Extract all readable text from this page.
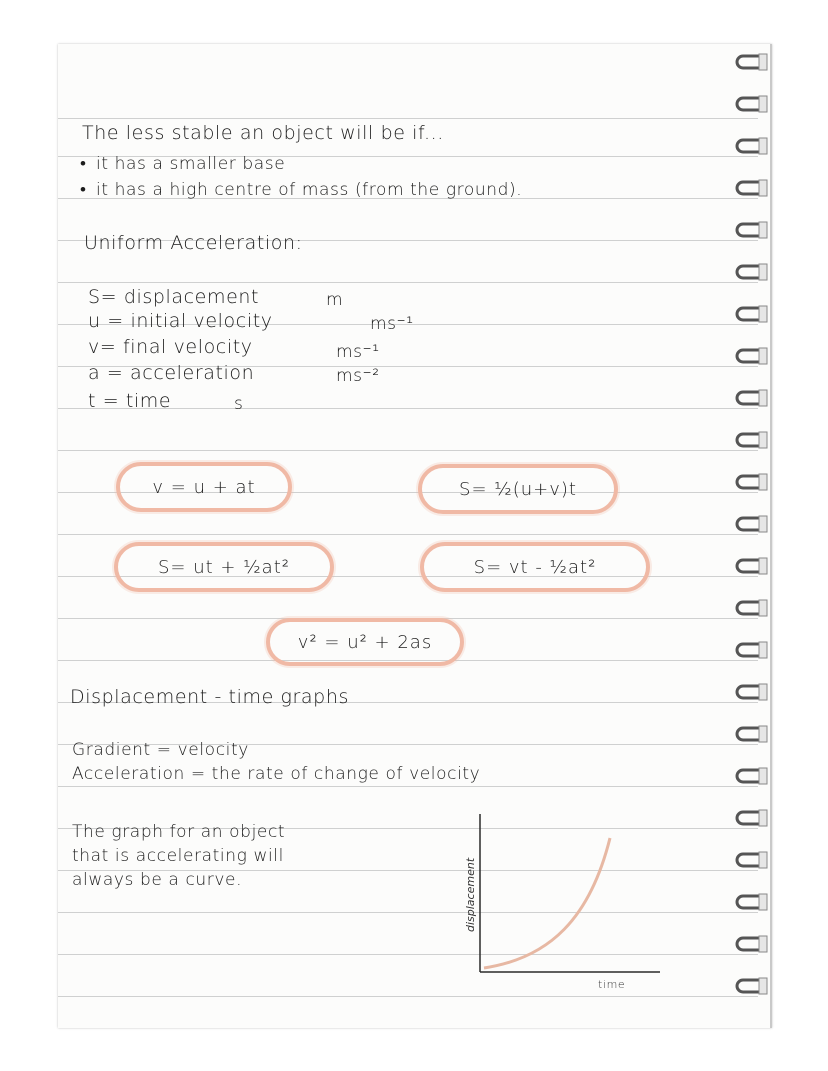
The less stable an object will be if...
• it has a smaller base
• it has a high centre of mass (from the ground).
Uniform Acceleration:
S= displacement	m
u = initial velocity	ms⁻¹
v= final velocity	ms⁻¹
a = acceleration	ms⁻²
t = time	s
v = u + at	S= ½(u+v)t
S= ut + ½at²	S= vt - ½at²
v² = u² + 2as
Displacement - time graphs
Gradient = velocity
Acceleration = the rate of change of velocity
The graph for an object
that is accelerating will
always be a curve.	displacement
time
